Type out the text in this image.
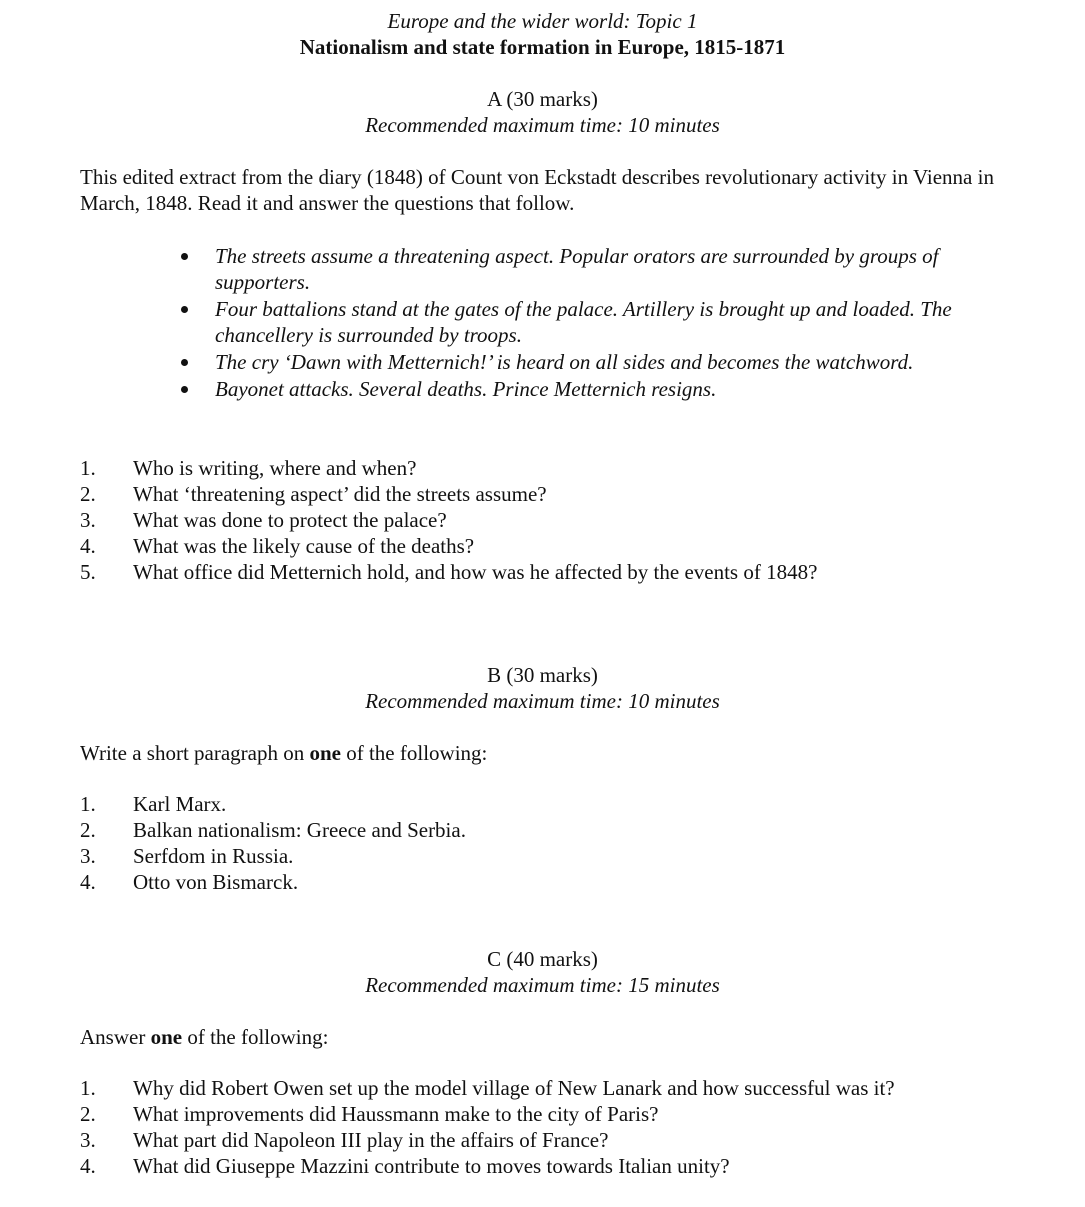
Europe and the wider world: Topic 1
Nationalism and state formation in Europe, 1815-1871
A (30 marks)
Recommended maximum time: 10 minutes
This edited extract from the diary (1848) of Count von Eckstadt describes revolutionary activity in Vienna in March, 1848. Read it and answer the questions that follow.
The streets assume a threatening aspect. Popular orators are surrounded by groups of supporters.
Four battalions stand at the gates of the palace. Artillery is brought up and loaded. The chancellery is surrounded by troops.
The cry ‘Dawn with Metternich!’ is heard on all sides and becomes the watchword.
Bayonet attacks. Several deaths. Prince Metternich resigns.
1. Who is writing, where and when?
2. What ‘threatening aspect’ did the streets assume?
3. What was done to protect the palace?
4. What was the likely cause of the deaths?
5. What office did Metternich hold, and how was he affected by the events of 1848?
B (30 marks)
Recommended maximum time: 10 minutes
Write a short paragraph on one of the following:
1. Karl Marx.
2. Balkan nationalism: Greece and Serbia.
3. Serfdom in Russia.
4. Otto von Bismarck.
C (40 marks)
Recommended maximum time: 15 minutes
Answer one of the following:
1. Why did Robert Owen set up the model village of New Lanark and how successful was it?
2. What improvements did Haussmann make to the city of Paris?
3. What part did Napoleon III play in the affairs of France?
4. What did Giuseppe Mazzini contribute to moves towards Italian unity?
